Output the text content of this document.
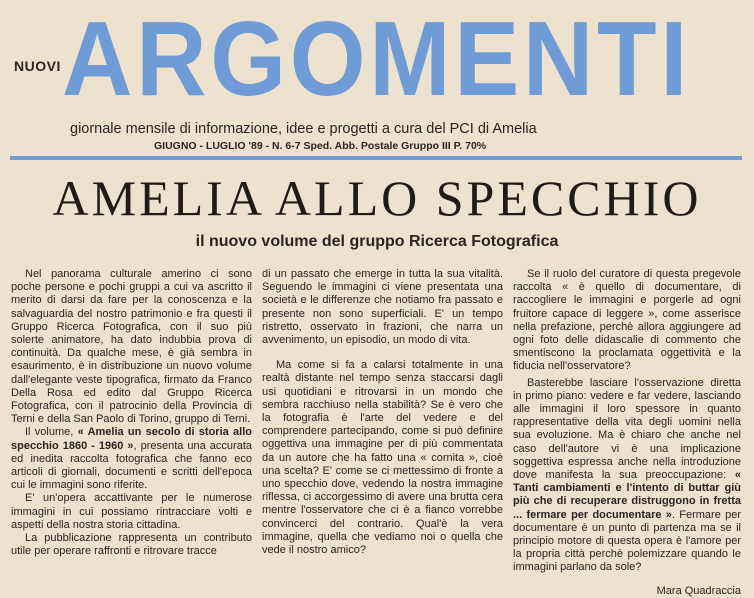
NUOVI ARGOMENTI
giornale mensile di informazione, idee e progetti a cura del PCI di Amelia
GIUGNO - LUGLIO '89 - N. 6-7 Sped. Abb. Postale Gruppo III P. 70%
AMELIA ALLO SPECCHIO
il nuovo volume del gruppo Ricerca Fotografica

Nel panorama culturale amerino ci sono poche persone e pochi gruppi a cui va ascritto il merito di darsi da fare per la conoscenza e la salvaguardia del nostro patrimonio e fra questi il Gruppo Ricerca Fotografica, con il suo più solerte animatore, ha dato indubbia prova di continuità. Da qualche mese, è già sembra in esaurimento, è in distribuzione un nuovo volume dall'elegante veste tipografica, firmato da Franco Della Rosa ed edito dal Gruppo Ricerca Fotografica, con il patrocinio della Provincia di Terni e della San Paolo di Torino, gruppo di Terni.

Il volume, « Amelia un secolo di storia allo specchio 1860 - 1960 », presenta una accurata ed inedita raccolta fotografica che fanno eco articoli di giornali, documenti e scritti dell'epoca cui le immagini sono riferite.

E' un'opera accattivante per le numerose immagini in cui possiamo rintracciare volti e aspetti della nostra storia cittadina.

La pubblicazione rappresenta un contributo utile per operare raffronti e ritrovare tracce

di un passato che emerge in tutta la sua vitalità. Seguendo le immagini ci viene presentata una società e le differenze che notiamo fra passato e presente non sono superficiali. E' un tempo ristretto, osservato in frazioni, che narra un avvenimento, un episodio, un modo di vita.

Ma come si fa a calarsi totalmente in una realtà distante nel tempo senza staccarsi dagli usi quotidiani e ritrovarsi in un mondo che sembra racchiuso nella stabilità? Se è vero che la fotografia è l'arte del vedere e del comprendere partecipando, come si può definire oggettiva una immagine per di più commentata da un autore che ha fatto una « cornita », cioè una scelta? E' come se ci mettessimo di fronte a uno specchio dove, vedendo la nostra immagine riflessa, ci accorgessimo di avere una brutta cera mentre l'osservatore che ci è a fianco vorrebbe convincerci del contrario. Qual'è la vera immagine, quella che vediamo noi o quella che vede il nostro amico?

Se il ruolo del curatore di questa pregevole raccolta « è quello di documentare, di raccogliere le immagini e porgerle ad ogni fruitore capace di leggere », come asserisce nella prefazione, perchè allora aggiungere ad ogni foto delle didascalie di commento che smentiscono la proclamata oggettività e la fiducia nell'osservatore?

Basterebbe lasciare l'osservazione diretta in primo piano: vedere e far vedere, lasciando alle immagini il loro spessore in quanto rappresentative della vita degli uomini nella sua evoluzione. Ma è chiaro che anche nel caso dell'autore vi è una implicazione soggettiva espressa anche nella introduzione dove manifesta la sua preoccupazione: « Tanti cambiamenti e l'intento di buttar giù più che di recuperare distruggono in fretta ... fermare per documentare ». Fermare per documentare è un punto di partenza ma se il principio motore di questa opera è l'amore per la propria città perchè polemizzare quando le immagini parlano da sole?

Mara Quadraccia
